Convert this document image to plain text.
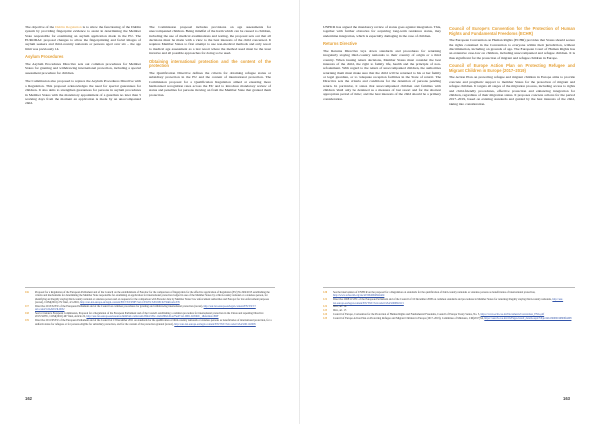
The objective of the Dublin Regulation is to allow the functioning of the Dublin system by providing fingerprint evidence to assist in determining the Member State responsible for examining an asylum application made in the EU. The EURODAC proposal changes to allow the fingerprinting and facial images of asylum seekers and third-country nationals or persons aged over six – the age limit was previously 14.

Asylum Procedures

The Asylum Procedures Directive sets out common procedures for Member States for granting and withdrawing international protection, including a special assessment procedure for children.

The Commission also proposed to replace the Asylum Procedures Directive with a Regulation. This proposal acknowledges the need for special guarantees for children. It also aims to strengthen guarantees for persons in asylum procedures in Member States with the mandatory appointment of a guardian no later than 5 working days from the moment an application is made by an unaccompanied child.

The Commission proposal includes provisions on age assessments for unaccompanied children. Being mindful of the harm which can be caused to children, including the use of medical examinations and testing, the proposal sets out that all decisions must be made with a view to the best interests of the child concerned. It requires Member States to first attempt to use non-medical methods and only resort to medical age assessment as a last resort where the method used must be the least invasive and all possible approaches for doing so be used.

Obtaining international protection and the content of the protection

The Qualification Directive defines the criteria for obtaining refugee status or subsidiary protection in the EU and the content of international protection. The Commission proposal for a Qualification Regulation aimed at ensuring more harmonised recognition rates across the EU and to introduce mandatory review of status and penalties for persons moving on from the Member State that granted them protection.

116	Proposal for a Regulation of the European Parliament and of the Council on the establishment of Eurodac for the comparison of fingerprints for the effective application of Regulation (EU) No 604/2013 establishing the criteria and mechanisms for determining the Member State responsible for examining an application for international protection lodged in one of the Member States by a third-country national or a stateless person, for identifying an illegally staying third-country national or stateless person and on requests for the comparison with Eurodac data by Member States' law enforcement authorities and Europol for law enforcement purposes (recast), COM(2016) 272 final, 4.5.2016, http://eur-lex.europa.eu/legal-content/EN/TXT/PDF/?uri=CELEX:52016PC0272&from=EN
117	Directive 2013/32/EU of the European Parliament and of the Council on common procedures for granting and withdrawing international protection (recast), http://eur-lex.europa.eu/legal-content/EN/TXT/?uri=celex%3A32013L0032
118	See for instance European Commission, Proposal for a Regulation of the European Parliament and of the Council establishing a common procedure for international protection in the Union and repealing Directive 2013/32/EU, COM(2016) 467 final, Article 22, http://eur-lex.europa.eu/resource.html?uri=cellar:a41c8f4d-53bc-11e6-89bd-01aa75ed71a1.0001.02/DOC_1&format=PDF
119	Directive 2011/95/EU of the European Parliament and of the Council of 13 December 2011 on standards for the qualification of third-country nationals or stateless persons as beneficiaries of international protection, for a uniform status for refugees or for persons eligible for subsidiary protection, and for the content of the protection granted (recast), http://eur-lex.europa.eu/legal-content/EN/TXT/?uri=celex%3A32011L0095
162

UNHCR has argued the mandatory review of status goes against integration. This, together with further obstacles for acquiring long-term residence status, may undermine integration, which is especially damaging in the case of children.

Returns Directive

The Returns Directive lays down standards and procedures for returning irregularly staying third-country nationals to their country of origin or a third country. When issuing return decisions, Member States must consider the best interests of the child, the right to family life, health and the principle of non-refoulement. With regard to the return of unaccompanied children, the authorities returning them must make sure that the child will be returned to his or her family or legal guardian, or to 'adequate reception facilities in the State of return'. The Directive sets the criteria and conditions for the detention of persons pending return. In particular, it states that unaccompanied children and families with children 'shall only be detained as a measure of last resort and for the shortest appropriate period of time', and the best interests of the child should be a primary consideration.

Council of Europe's Convention for the Protection of Human Rights and Fundamental Freedoms (ECHR)

The European Convention on Human Rights (ECHR) provides that States should secure the rights contained in the Convention to everyone within their jurisdiction, without discrimination, including on grounds of age. The European Court of Human Rights has an extensive case-law on children, including unaccompanied and refugee children. It is thus significant for the protection of migrant and refugee children in Europe.

Council of Europe Action Plan on Protecting Refugee and Migrant Children in Europe (2017–2019)

The Action Plan on protecting refugee and migrant children in Europe aims to provide concrete and pragmatic support to member States for the protection of migrant and refugee children. It targets all stages of the migration process, including access to rights and child-friendly procedures, effective protection and enhancing integration for children, regardless of their migration status. It proposes concrete actions for the period 2017–2019, based on existing standards and guided by the best interests of the child, taking into consideration.

120	See the intervention of UNHCR on the proposal for a Regulation on standards for the qualification of third-country nationals or stateless persons as beneficiaries of international protection, http://www.refworld.org/docid/59bd06484.html
121	Directive 2008/115/EC of the European Parliament and of the Council of 16 December 2008 on common standards and procedures in Member States for returning illegally staying third-country nationals, http://eur-lex.europa.eu/legal-content/EN/TXT/?uri=celex%3A32008L0115
122	Ibid., art. 10.
123	Ibid., art. 17.
124	Council of Europe, Convention for the Protection of Human Rights and Fundamental Freedoms, Council of Europe Treaty Series, No. 5, https://www.echr.coe.int/Documents/Convention_ENG.pdf
125	Council of Europe Action Plan on Protecting Refugee and Migrant Children in Europe (2017–2019), Committee of Ministers, CM(2017)54, https://search.coe.int/cm/Pages/result_details.aspx?ObjectId=09000016806fdd08
163
